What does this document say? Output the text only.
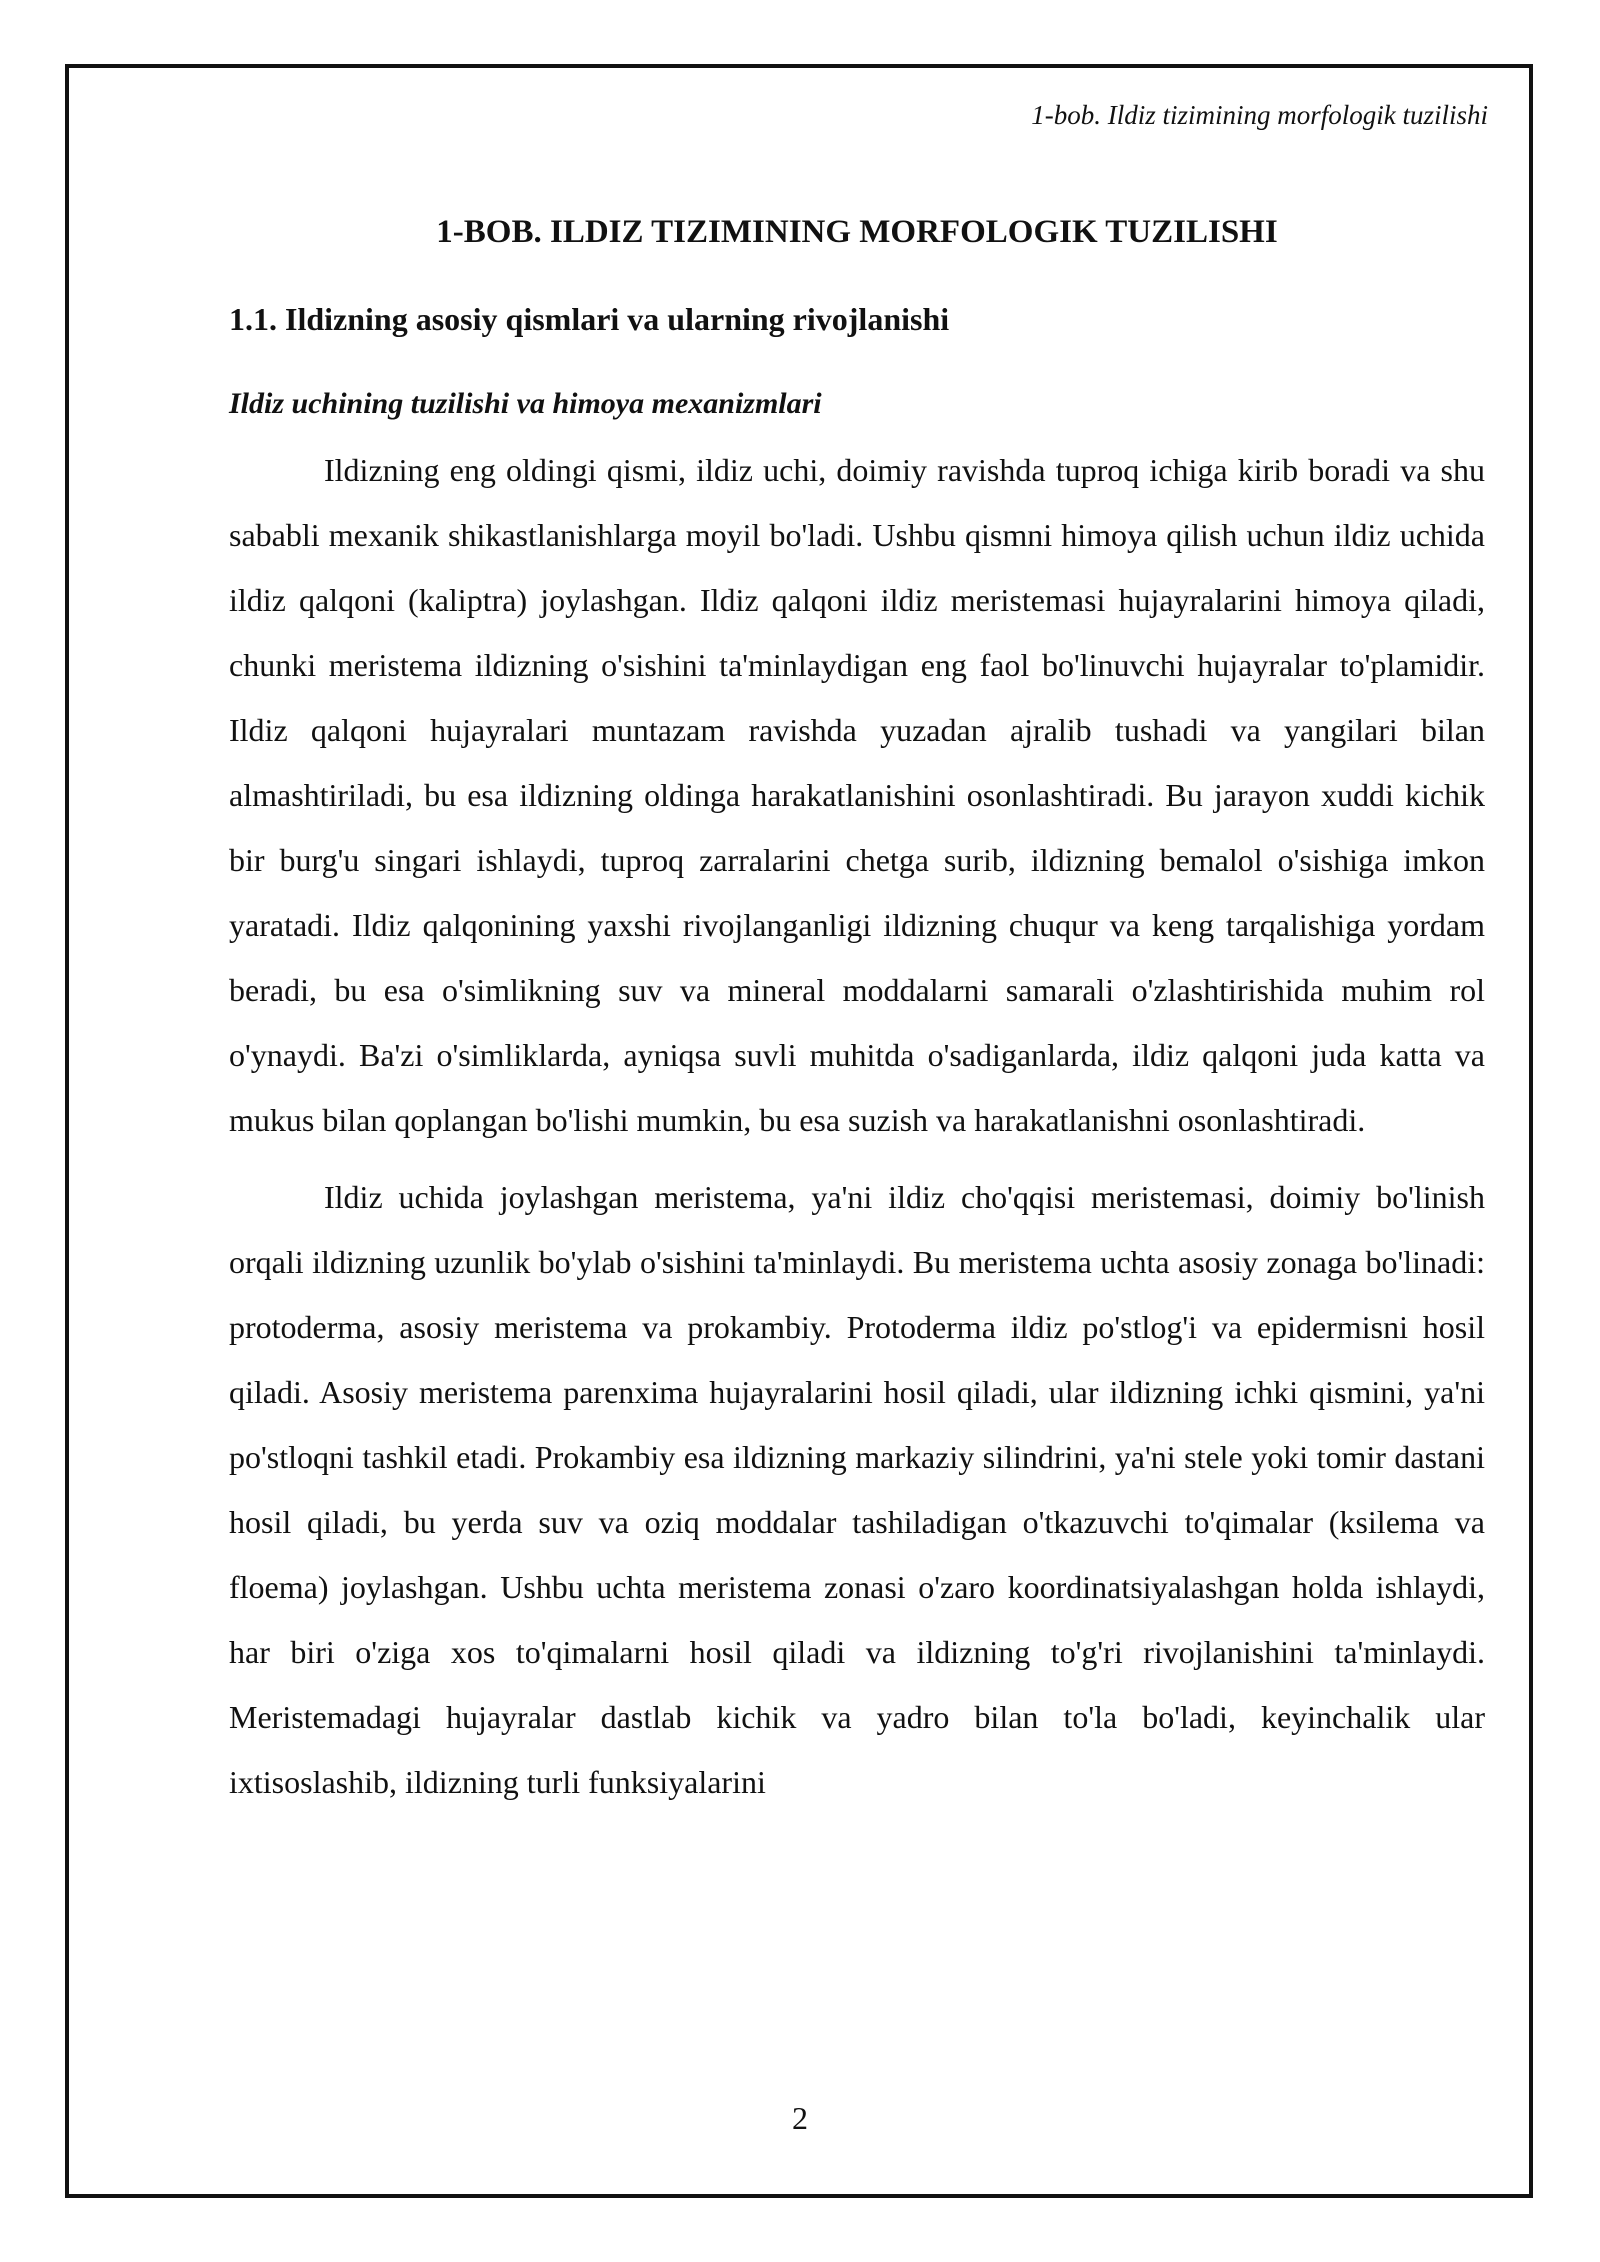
1-bob. Ildiz tizimining morfologik tuzilishi
1-BOB. ILDIZ TIZIMINING MORFOLOGIK TUZILISHI
1.1. Ildizning asosiy qismlari va ularning rivojlanishi
Ildiz uchining tuzilishi va himoya mexanizmlari

Ildizning eng oldingi qismi, ildiz uchi, doimiy ravishda tuproq ichiga kirib boradi va shu sababli mexanik shikastlanishlarga moyil bo'ladi. Ushbu qismni himoya qilish uchun ildiz uchida ildiz qalqoni (kaliptra) joylashgan. Ildiz qalqoni ildiz meristemasi hujayralarini himoya qiladi, chunki meristema ildizning o'sishini ta'minlaydigan eng faol bo'linuvchi hujayralar to'plamidir. Ildiz qalqoni hujayralari muntazam ravishda yuzadan ajralib tushadi va yangilari bilan almashtiriladi, bu esa ildizning oldinga harakatlanishini osonlashtiradi. Bu jarayon xuddi kichik bir burg'u singari ishlaydi, tuproq zarralarini chetga surib, ildizning bemalol o'sishiga imkon yaratadi. Ildiz qalqonining yaxshi rivojlanganligi ildizning chuqur va keng tarqalishiga yordam beradi, bu esa o'simlikning suv va mineral moddalarni samarali o'zlashtirishida muhim rol o'ynaydi. Ba'zi o'simliklarda, ayniqsa suvli muhitda o'sadiganlarda, ildiz qalqoni juda katta va mukus bilan qoplangan bo'lishi mumkin, bu esa suzish va harakatlanishni osonlashtiradi.

Ildiz uchida joylashgan meristema, ya'ni ildiz cho'qqisi meristemasi, doimiy bo'linish orqali ildizning uzunlik bo'ylab o'sishini ta'minlaydi. Bu meristema uchta asosiy zonaga bo'linadi: protoderma, asosiy meristema va prokambiy. Protoderma ildiz po'stlog'i va epidermisni hosil qiladi. Asosiy meristema parenxima hujayralarini hosil qiladi, ular ildizning ichki qismini, ya'ni po'stloqni tashkil etadi. Prokambiy esa ildizning markaziy silindrini, ya'ni stele yoki tomir dastani hosil qiladi, bu yerda suv va oziq moddalar tashiladigan o'tkazuvchi to'qimalar (ksilema va floema) joylashgan. Ushbu uchta meristema zonasi o'zaro koordinatsiyalashgan holda ishlaydi, har biri o'ziga xos to'qimalarni hosil qiladi va ildizning to'g'ri rivojlanishini ta'minlaydi. Meristemadagi hujayralar dastlab kichik va yadro bilan to'la bo'ladi, keyinchalik ular ixtisoslashib, ildizning turli funksiyalarini

2
